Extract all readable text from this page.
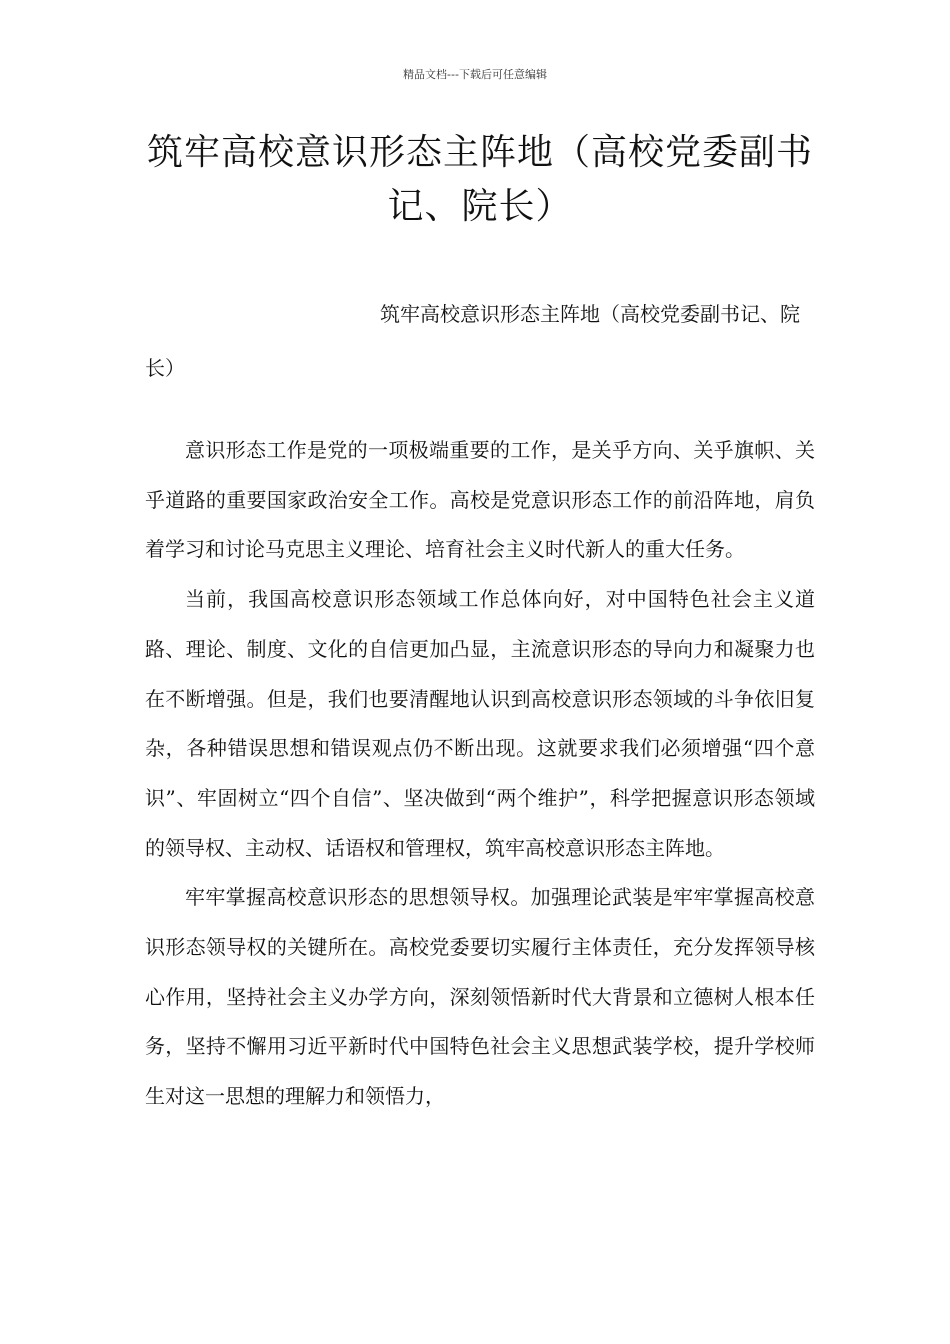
精品文档---下载后可任意编辑
筑牢高校意识形态主阵地（高校党委副书记、院长）

筑牢高校意识形态主阵地（高校党委副书记、院长）

意识形态工作是党的一项极端重要的工作，是关乎方向、关乎旗帜、关乎道路的重要国家政治安全工作。高校是党意识形态工作的前沿阵地，肩负着学习和讨论马克思主义理论、培育社会主义时代新人的重大任务。

当前，我国高校意识形态领域工作总体向好，对中国特色社会主义道路、理论、制度、文化的自信更加凸显，主流意识形态的导向力和凝聚力也在不断增强。但是，我们也要清醒地认识到高校意识形态领域的斗争依旧复杂，各种错误思想和错误观点仍不断出现。这就要求我们必须增强“四个意识”、牢固树立“四个自信”、坚决做到“两个维护”，科学把握意识形态领域的领导权、主动权、话语权和管理权，筑牢高校意识形态主阵地。

牢牢掌握高校意识形态的思想领导权。加强理论武装是牢牢掌握高校意识形态领导权的关键所在。高校党委要切实履行主体责任，充分发挥领导核心作用，坚持社会主义办学方向，深刻领悟新时代大背景和立德树人根本任务，坚持不懈用习近平新时代中国特色社会主义思想武装学校，提升学校师生对这一思想的理解力和领悟力，
